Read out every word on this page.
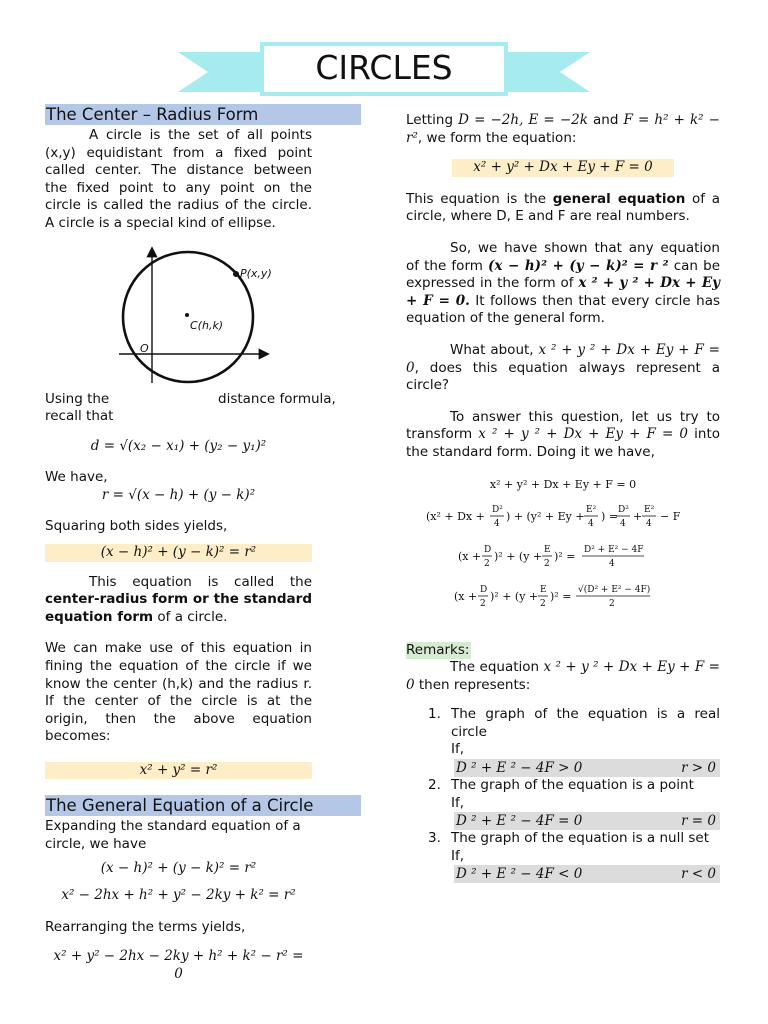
CIRCLES
The Center – Radius Form

A circle is the set of all points (x,y) equidistant from a fixed point called center. The distance between the fixed point to any point on the circle is called the radius of the circle. A circle is a special kind of ellipse.

P(x,y)
C(h,k)
O

Using the	distance formula, recall that

d = √(x₂ − x₁) + (y₂ − y₁)²

We have,

r = √(x − h) + (y − k)²

Squaring both sides yields,

(x − h)² + (y − k)² = r²

This equation is called the center-radius form or the standard equation form of a circle.

We can make use of this equation in fining the equation of the circle if we know the center (h,k) and the radius r. If the center of the circle is at the origin, then the above equation becomes:

x² + y² = r²

The General Equation of a Circle

Expanding the standard equation of a circle, we have

(x − h)² + (y − k)² = r²

x² − 2hx + h² + y² − 2ky + k² = r²

Rearranging the terms yields,

x² + y² − 2hx − 2ky + h² + k² − r² =

0

Letting D = −2h, E = −2k and F = h² + k² − r², we form the equation:

x² + y² + Dx + Ey + F = 0

This equation is the general equation of a circle, where D, E and F are real numbers.

So, we have shown that any equation of the form (x − h)² + (y − k)² = r ² can be expressed in the form of x ² + y ² + Dx + Ey + F = 0. It follows then that every circle has equation of the general form.

What about, x ² + y ² + Dx + Ey + F = 0, does this equation always represent a circle?

To answer this question, let us try to transform x ² + y ² + Dx + Ey + F = 0 into the standard form. Doing it we have,

x² + y² + Dx + Ey + F = 0
(x² + Dx + D²
4
) + (y² + Ey + E²
4
) = D²
4
+ E²
4
− F
(x + D
2
)² + (y + E
2
)² = D² + E² − 4F
4
(x + D
2
)² + (y + E
2
)² = √(D² + E² − 4F)
2

Remarks:

The equation x ² + y ² + Dx + Ey + F = 0 then represents:

1. The graph of the equation is a real circle
If,
D ² + E ² − 4F > 0	r > 0
2. The graph of the equation is a point
If,
D ² + E ² − 4F = 0	r = 0
3. The graph of the equation is a null set
If,
D ² + E ² − 4F < 0	r < 0
